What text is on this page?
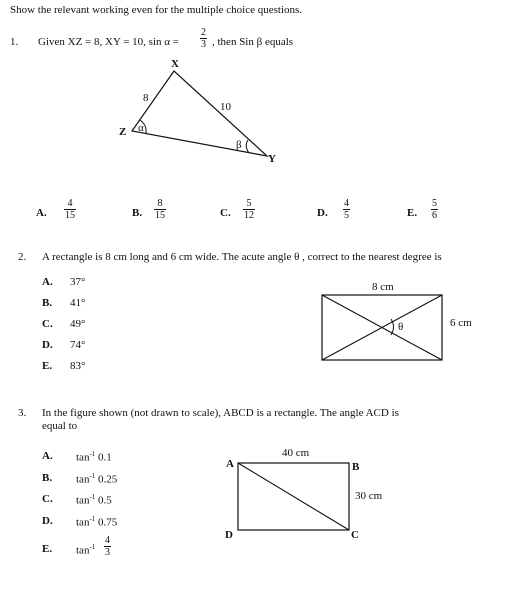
Show the relevant working even for the multiple choice questions.
1. Given XZ = 8, XY = 10, $\sin \alpha = \frac{2}{3}$ , then Sin β equals
X
Y
Z
8
10
α
β
A. $\frac{4}{15}$	B. $\frac{8}{15}$	C. $\frac{5}{12}$	D. $\frac{4}{5}$	E. $\frac{5}{6}$
2. A rectangle is 8 cm long and 6 cm wide. The acute angle θ , correct to the nearest degree is
A. 37°
B. 41°
C. 49°
D. 74°
E. 83°
8 cm
6 cm
θ
3. In the figure shown (not drawn to scale), ABCD is a rectangle. The angle ACD is
equal to
A. $\tan^{-1} 0.1$
B. $\tan^{-1} 0.25$
C. $\tan^{-1} 0.5$
D. $\tan^{-1} 0.75$
E. $\tan^{-1} \frac{4}{3}$
A	B
C
D
40 cm
30 cm
